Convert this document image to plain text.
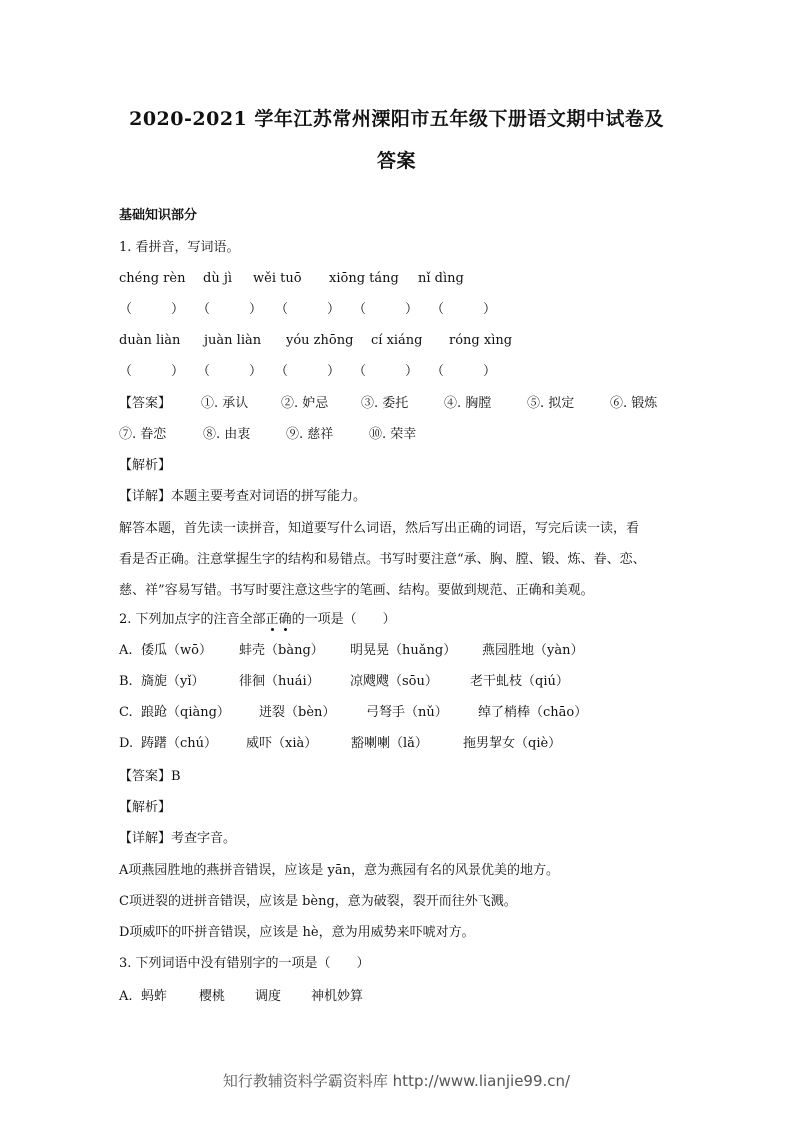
2020-2021 学年江苏常州溧阳市五年级下册语文期中试卷及
答案
基础知识部分
1. 看拼音，写词语。
chéng rèn dù jì wěi tuō xiōng táng nǐ dìng
（　　　） （　　　） （　　　） （　　　） （　　　）
duàn liàn juàn liàn yóu zhōng cí xiáng róng xìng
（　　　） （　　　） （　　　） （　　　） （　　　）
【答案】 ①. 承认	②. 妒忌	③. 委托	④. 胸膛	⑤. 拟定	⑥. 锻炼
⑦. 眷恋	⑧. 由衷	⑨. 慈祥	⑩. 荣幸
【解析】
【详解】本题主要考查对词语的拼写能力。
解答本题，首先读一读拼音，知道要写什么词语，然后写出正确的词语，写完后读一读，看
看是否正确。注意掌握生字的结构和易错点。书写时要注意“承、胸、膛、锻、炼、眷、恋、
慈、祥”容易写错。书写时要注意这些字的笔画、结构。要做到规范、正确和美观。
2. 下列加点字的注音全部正确的一项是（　　）
A. 倭瓜（wō） 蚌壳（bàng） 明晃晃（huǎng） 燕园胜地（yàn）
B. 旖旎（yǐ）	徘徊（huái） 凉飕飕（sōu） 老干虬枝（qiú）
C. 踉跄（qiàng） 迸裂（bèn） 弓弩手（nǔ） 绰了梢棒（chāo）
D. 踌躇（chú） 威吓（xià）	豁喇喇（lǎ）	拖男挈女（qiè）
【答案】B
【解析】
【详解】考查字音。
A项燕园胜地的燕拼音错误，应该是 yān，意为燕园有名的风景优美的地方。
C项迸裂的迸拼音错误，应该是 bèng，意为破裂，裂开而往外飞溅。
D项威吓的吓拼音错误，应该是 hè，意为用威势来吓唬对方。
3. 下列词语中没有错别字的一项是（　　）
A. 蚂蚱 樱桃 调度 神机妙算
知行教辅资料学霸资料库 http://www.lianjie99.cn/
